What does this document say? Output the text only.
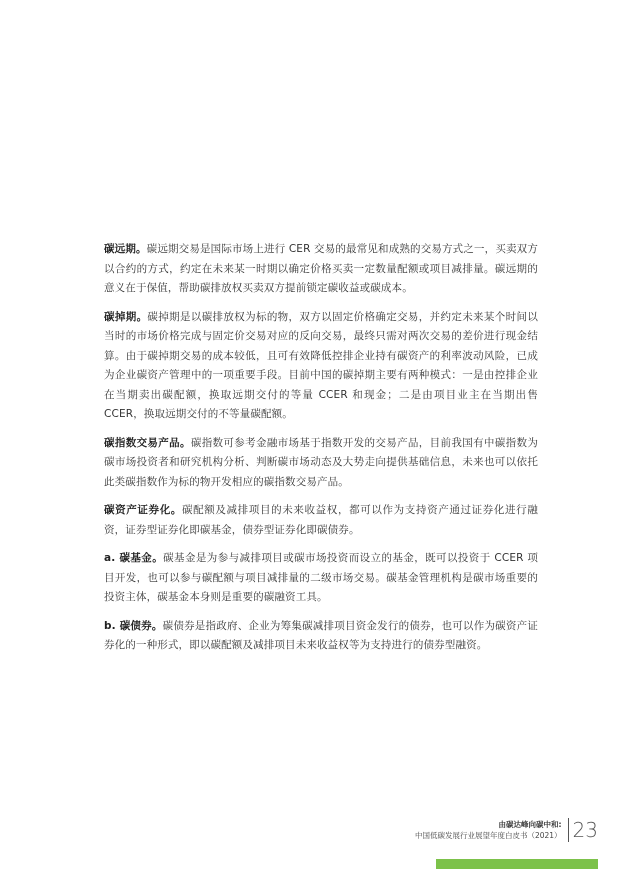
碳远期。碳远期交易是国际市场上进行 CER 交易的最常见和成熟的交易方式之一，买卖双方以合约的方式，约定在未来某一时期以确定价格买卖一定数量配额或项目减排量。碳远期的意义在于保值，帮助碳排放权买卖双方提前锁定碳收益或碳成本。

碳掉期。碳掉期是以碳排放权为标的物，双方以固定价格确定交易，并约定未来某个时间以当时的市场价格完成与固定价交易对应的反向交易，最终只需对两次交易的差价进行现金结算。由于碳掉期交易的成本较低，且可有效降低控排企业持有碳资产的利率波动风险，已成为企业碳资产管理中的一项重要手段。目前中国的碳掉期主要有两种模式：一是由控排企业在当期卖出碳配额，换取远期交付的等量 CCER 和现金；二是由项目业主在当期出售 CCER，换取远期交付的不等量碳配额。

碳指数交易产品。碳指数可参考金融市场基于指数开发的交易产品，目前我国有中碳指数为碳市场投资者和研究机构分析、判断碳市场动态及大势走向提供基础信息，未来也可以依托此类碳指数作为标的物开发相应的碳指数交易产品。

碳资产证券化。碳配额及减排项目的未来收益权，都可以作为支持资产通过证券化进行融资，证券型证券化即碳基金，债券型证券化即碳债券。

a. 碳基金。碳基金是为参与减排项目或碳市场投资而设立的基金，既可以投资于 CCER 项目开发，也可以参与碳配额与项目减排量的二级市场交易。碳基金管理机构是碳市场重要的投资主体，碳基金本身则是重要的碳融资工具。

b. 碳债券。碳债券是指政府、企业为筹集碳减排项目资金发行的债券，也可以作为碳资产证券化的一种形式，即以碳配额及减排项目未来收益权等为支持进行的债券型融资。

由碳达峰向碳中和:
中国低碳发展行业展望年度白皮书（2021） 23
